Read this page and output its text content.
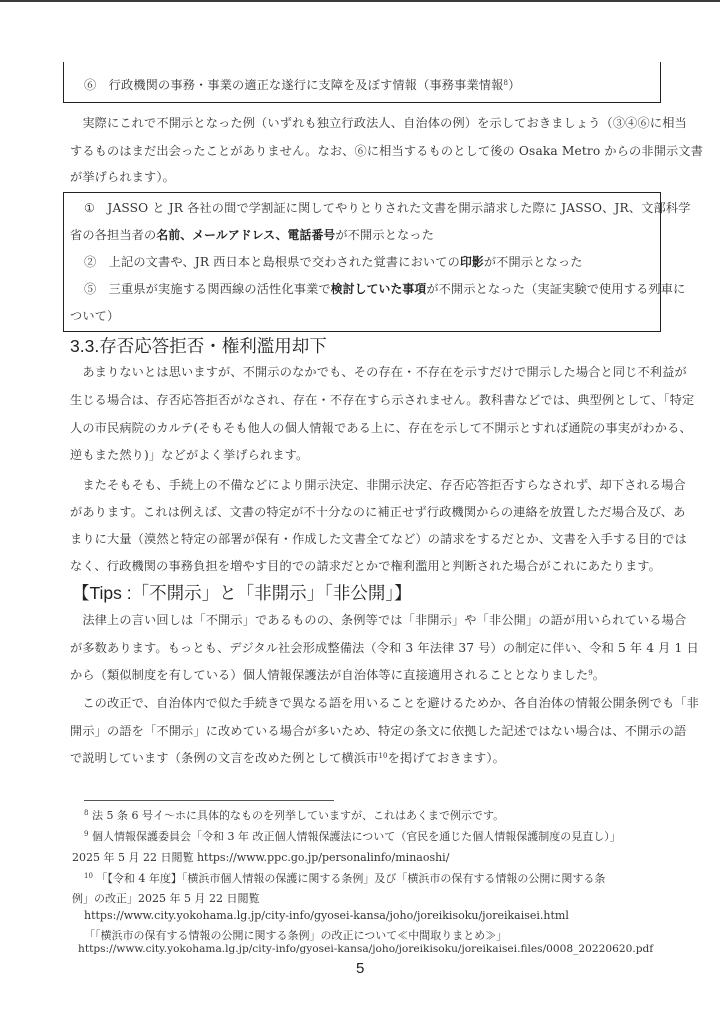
⑥　行政機関の事務・事業の適正な遂行に支障を及ぼす情報（事務事業情報$^8$）
　実際にこれで不開示となった例（いずれも独立行政法人、自治体の例）を示しておきましょう（③④⑥に相当
するものはまだ出会ったことがありません。なお、⑥に相当するものとして後の Osaka Metro からの非開示文書
が挙げられます）。
①　JASSO と JR 各社の間で学割証に関してやりとりされた文書を開示請求した際に JASSO、JR、文部科学
省の各担当者の名前、メールアドレス、電話番号が不開示となった
②　上記の文書や、JR 西日本と島根県で交わされた覚書においての印影が不開示となった
⑤　三重県が実施する関西線の活性化事業で検討していた事項が不開示となった（実証実験で使用する列車に
ついて）
3.3.存否応答拒否・権利濫用却下
　あまりないとは思いますが、不開示のなかでも、その存在・不存在を示すだけで開示した場合と同じ不利益が
生じる場合は、存否応答拒否がなされ、存在・不存在すら示されません。教科書などでは、典型例として、「特定
人の市民病院のカルテ(そもそも他人の個人情報である上に、存在を示して不開示とすれば通院の事実がわかる、
逆もまた然り)」などがよく挙げられます。
　またそもそも、手続上の不備などにより開示決定、非開示決定、存否応答拒否すらなされず、却下される場合
があります。これは例えば、文書の特定が不十分なのに補正せず行政機関からの連絡を放置しただ場合及び、あ
まりに大量（漠然と特定の部署が保有・作成した文書全てなど）の請求をするだとか、文書を入手する目的では
なく、行政機関の事務負担を増やす目的での請求だとかで権利濫用と判断された場合がこれにあたります。
【Tips :「不開示」と「非開示」「非公開」】
　法律上の言い回しは「不開示」であるものの、条例等では「非開示」や「非公開」の語が用いられている場合
が多数あります。もっとも、デジタル社会形成整備法（令和 3 年法律 37 号）の制定に伴い、令和 5 年 4 月 1 日
から（類似制度を有している）個人情報保護法が自治体等に直接適用されることとなりました$^9$。
　この改正で、自治体内で似た手続きで異なる語を用いることを避けるためか、各自治体の情報公開条例でも「非
開示」の語を「不開示」に改めている場合が多いため、特定の条文に依拠した記述ではない場合は、不開示の語
で説明しています（条例の文言を改めた例として横浜市$^{10}$を掲げておきます）。
$^8$ 法 5 条 6 号イ～ホに具体的なものを列挙していますが、これはあくまで例示です。
$^9$ 個人情報保護委員会「令和 3 年 改正個人情報保護法について（官民を通じた個人情報保護制度の見直し）」
2025 年 5 月 22 日閲覧 https://www.ppc.go.jp/personalinfo/minaoshi/
$^{10}$ 「【令和 4 年度】「横浜市個人情報の保護に関する条例」及び「横浜市の保有する情報の公開に関する条
例」の改正」2025 年 5 月 22 日閲覧
https://www.city.yokohama.lg.jp/city-info/gyosei-kansa/joho/joreikisoku/joreikaisei.html
「「横浜市の保有する情報の公開に関する条例」の改正について≪中間取りまとめ≫」
https://www.city.yokohama.lg.jp/city-info/gyosei-kansa/joho/joreikisoku/joreikaisei.files/0008_20220620.pdf
5
